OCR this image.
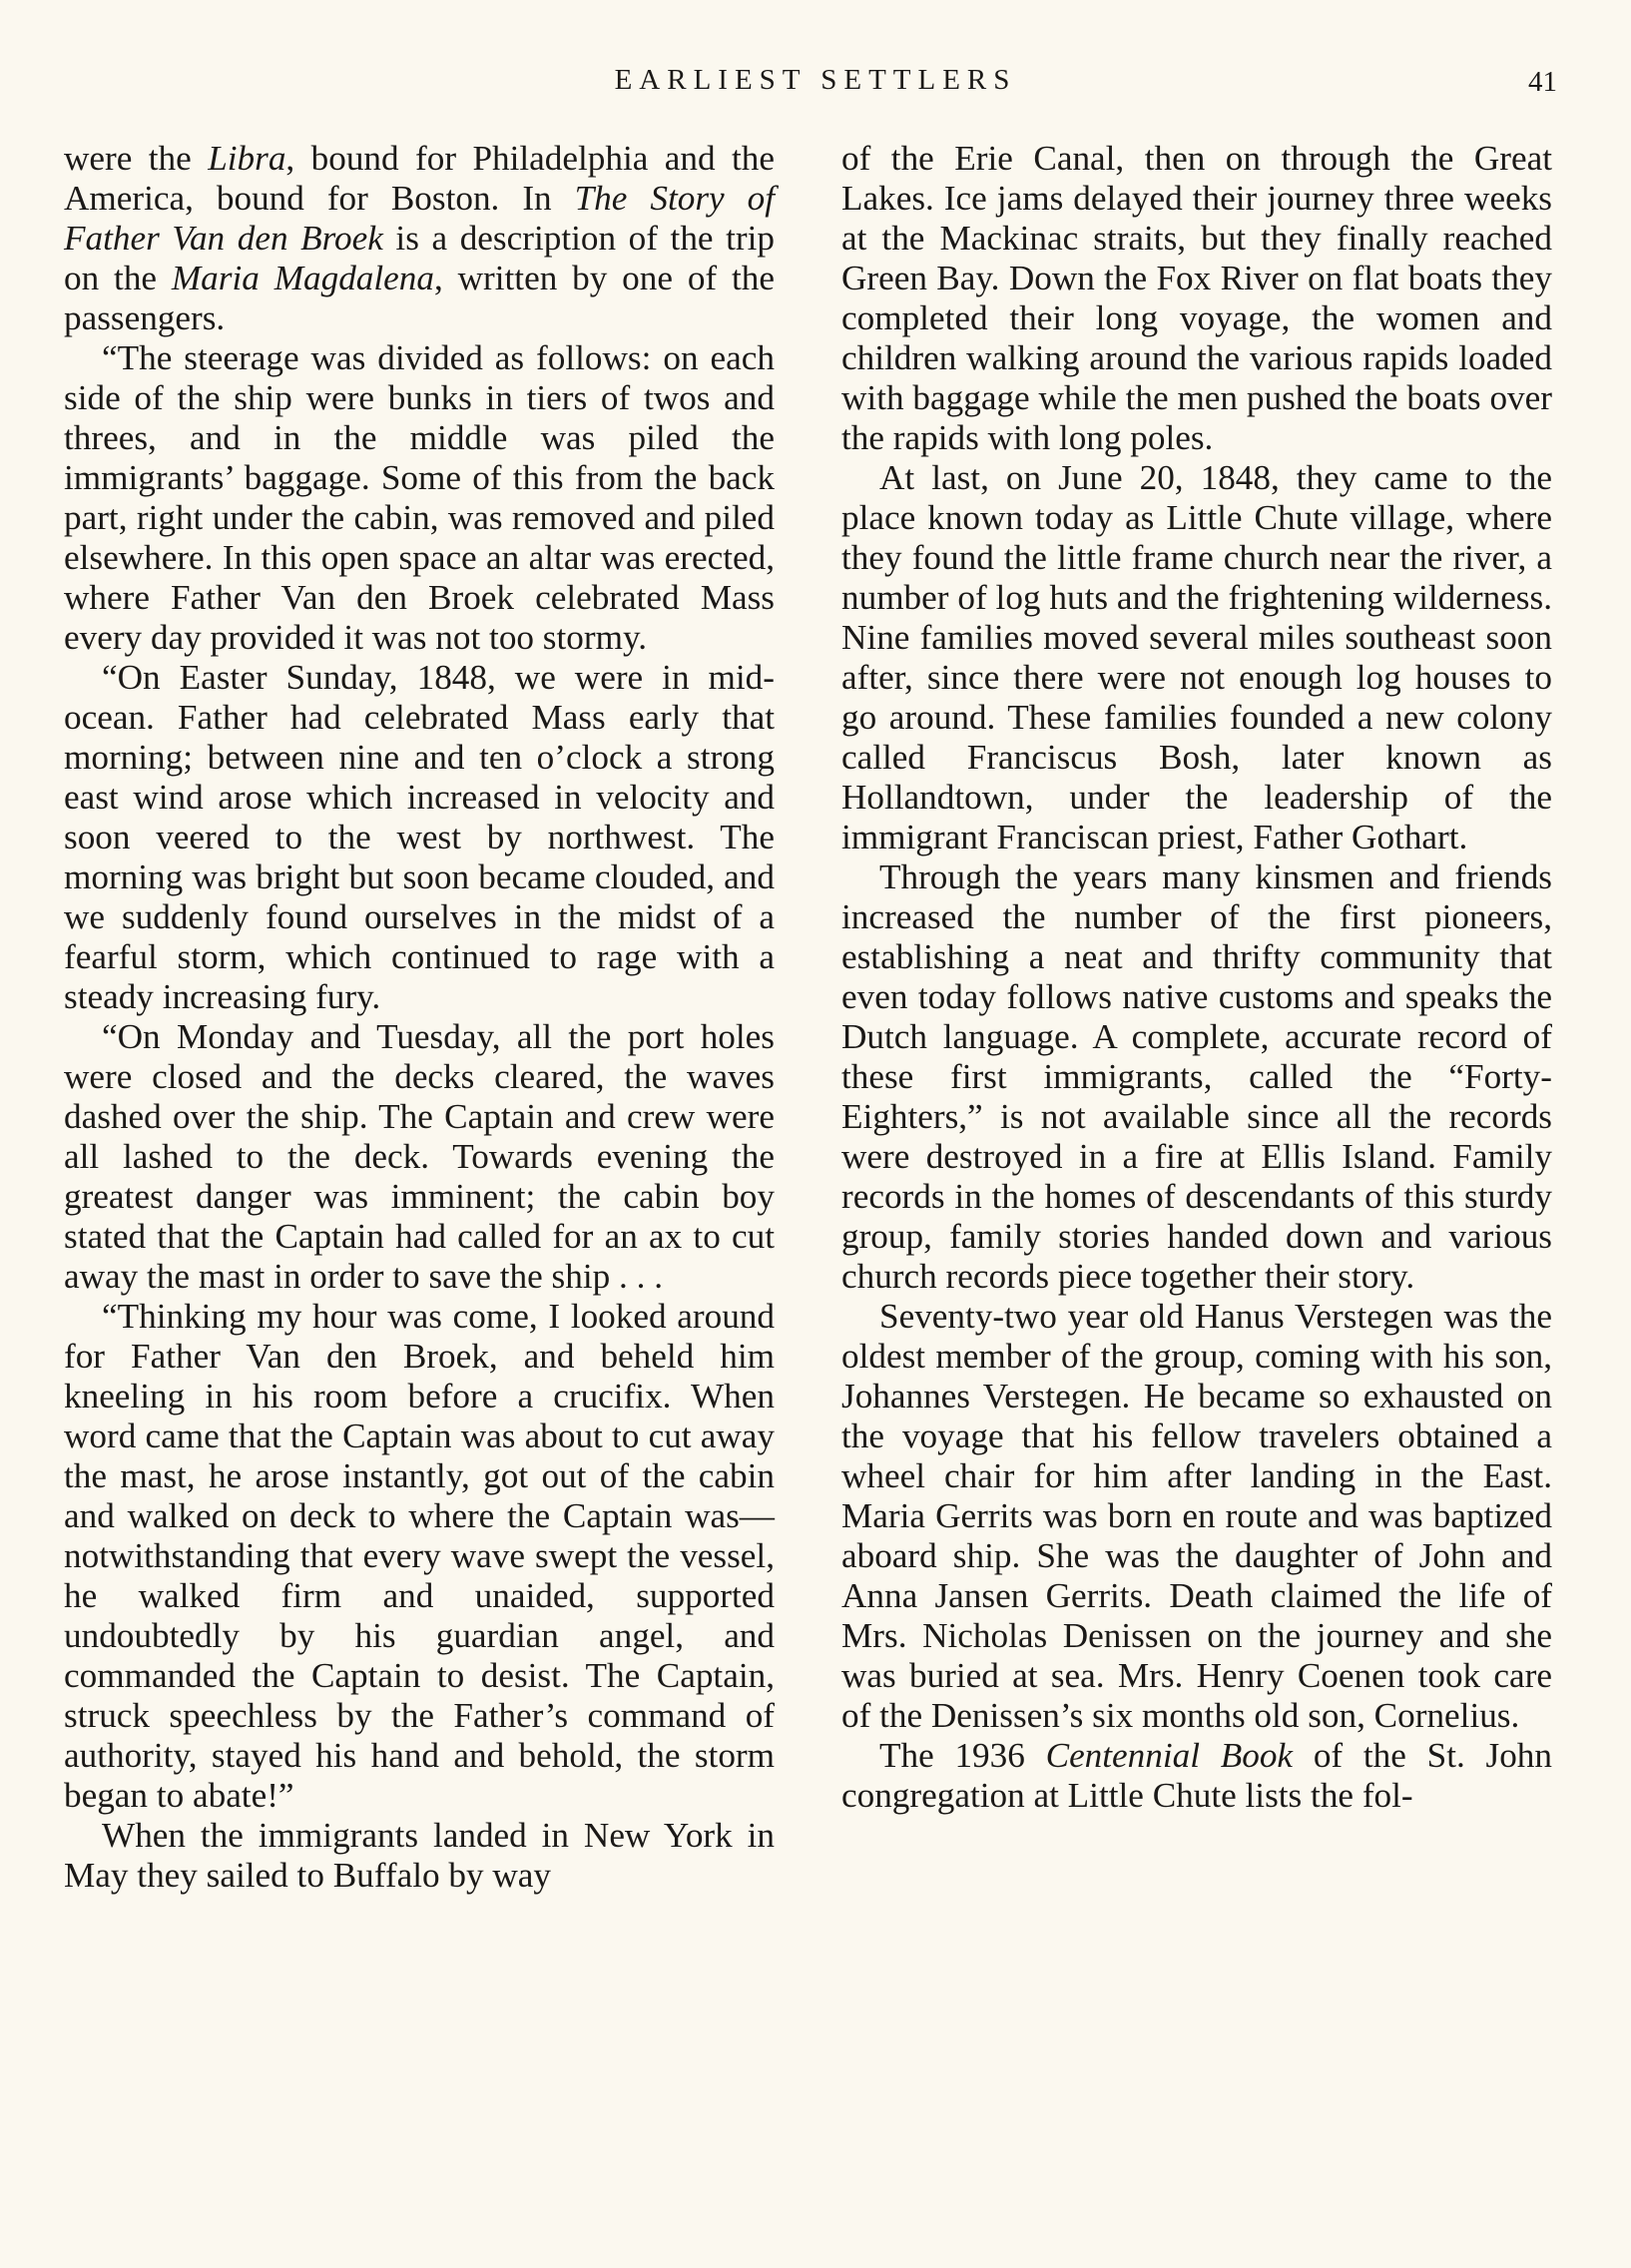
EARLIEST SETTLERS	41

were the Libra, bound for Philadelphia and the America, bound for Boston. In The Story of Father Van den Broek is a description of the trip on the Maria Magdalena, written by one of the passengers.

“The steerage was divided as follows: on each side of the ship were bunks in tiers of twos and threes, and in the middle was piled the immigrants’ baggage. Some of this from the back part, right under the cabin, was removed and piled elsewhere. In this open space an altar was erected, where Father Van den Broek celebrated Mass every day provided it was not too stormy.

“On Easter Sunday, 1848, we were in mid-ocean. Father had celebrated Mass early that morning; between nine and ten o’clock a strong east wind arose which increased in velocity and soon veered to the west by northwest. The morning was bright but soon became clouded, and we suddenly found ourselves in the midst of a fearful storm, which continued to rage with a steady increasing fury.

“On Monday and Tuesday, all the port holes were closed and the decks cleared, the waves dashed over the ship. The Captain and crew were all lashed to the deck. Towards evening the greatest danger was imminent; the cabin boy stated that the Captain had called for an ax to cut away the mast in order to save the ship . . .

“Thinking my hour was come, I looked around for Father Van den Broek, and beheld him kneeling in his room before a crucifix. When word came that the Captain was about to cut away the mast, he arose instantly, got out of the cabin and walked on deck to where the Captain was—notwithstanding that every wave swept the vessel, he walked firm and unaided, supported undoubtedly by his guardian angel, and commanded the Captain to desist. The Captain, struck speechless by the Father’s command of authority, stayed his hand and behold, the storm began to abate!”

When the immigrants landed in New York in May they sailed to Buffalo by way

of the Erie Canal, then on through the Great Lakes. Ice jams delayed their journey three weeks at the Mackinac straits, but they finally reached Green Bay. Down the Fox River on flat boats they completed their long voyage, the women and children walking around the various rapids loaded with baggage while the men pushed the boats over the rapids with long poles.

At last, on June 20, 1848, they came to the place known today as Little Chute village, where they found the little frame church near the river, a number of log huts and the frightening wilderness. Nine families moved several miles southeast soon after, since there were not enough log houses to go around. These families founded a new colony called Franciscus Bosh, later known as Hollandtown, under the leadership of the immigrant Franciscan priest, Father Gothart.

Through the years many kinsmen and friends increased the number of the first pioneers, establishing a neat and thrifty community that even today follows native customs and speaks the Dutch language. A complete, accurate record of these first immigrants, called the “Forty-Eighters,” is not available since all the records were destroyed in a fire at Ellis Island. Family records in the homes of descendants of this sturdy group, family stories handed down and various church records piece together their story.

Seventy-two year old Hanus Verstegen was the oldest member of the group, coming with his son, Johannes Verstegen. He became so exhausted on the voyage that his fellow travelers obtained a wheel chair for him after landing in the East. Maria Gerrits was born en route and was baptized aboard ship. She was the daughter of John and Anna Jansen Gerrits. Death claimed the life of Mrs. Nicholas Denissen on the journey and she was buried at sea. Mrs. Henry Coenen took care of the Denissen’s six months old son, Cornelius.

The 1936 Centennial Book of the St. John congregation at Little Chute lists the fol-
